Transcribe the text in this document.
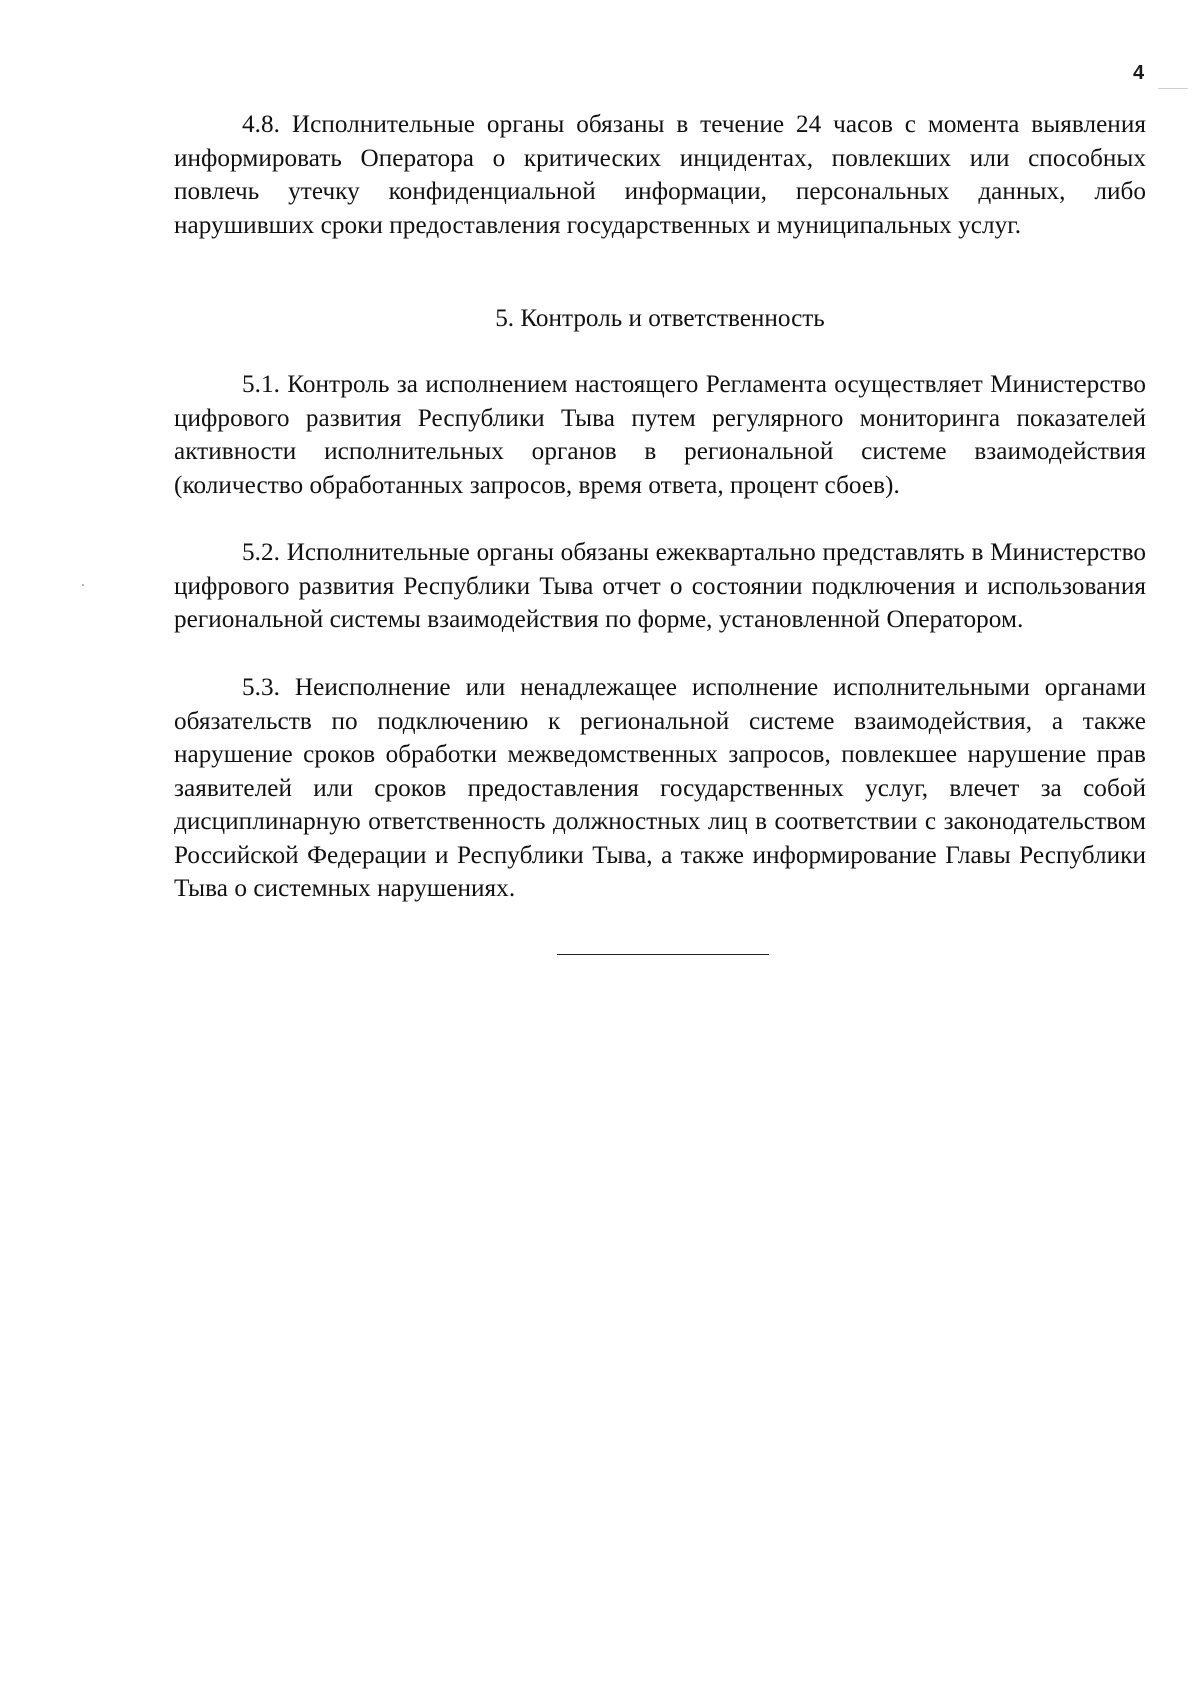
4
4.8. Исполнительные органы обязаны в течение 24 часов с момента выявления информировать Оператора о критических инцидентах, повлекших или способных повлечь утечку конфиденциальной информации, персональных данных, либо нарушивших сроки предоставления государственных и муниципальных услуг.
5. Контроль и ответственность
5.1. Контроль за исполнением настоящего Регламента осуществляет Министерство цифрового развития Республики Тыва путем регулярного мониторинга показателей активности исполнительных органов в региональной системе взаимодействия (количество обработанных запросов, время ответа, процент сбоев).
5.2. Исполнительные органы обязаны ежеквартально представлять в Министерство цифрового развития Республики Тыва отчет о состоянии подключения и использования региональной системы взаимодействия по форме, установленной Оператором.
5.3. Неисполнение или ненадлежащее исполнение исполнительными органами обязательств по подключению к региональной системе взаимодействия, а также нарушение сроков обработки межведомственных запросов, повлекшее нарушение прав заявителей или сроков предоставления государственных услуг, влечет за собой дисциплинарную ответственность должностных лиц в соответствии с законодательством Российской Федерации и Республики Тыва, а также информирование Главы Республики Тыва о системных нарушениях.
